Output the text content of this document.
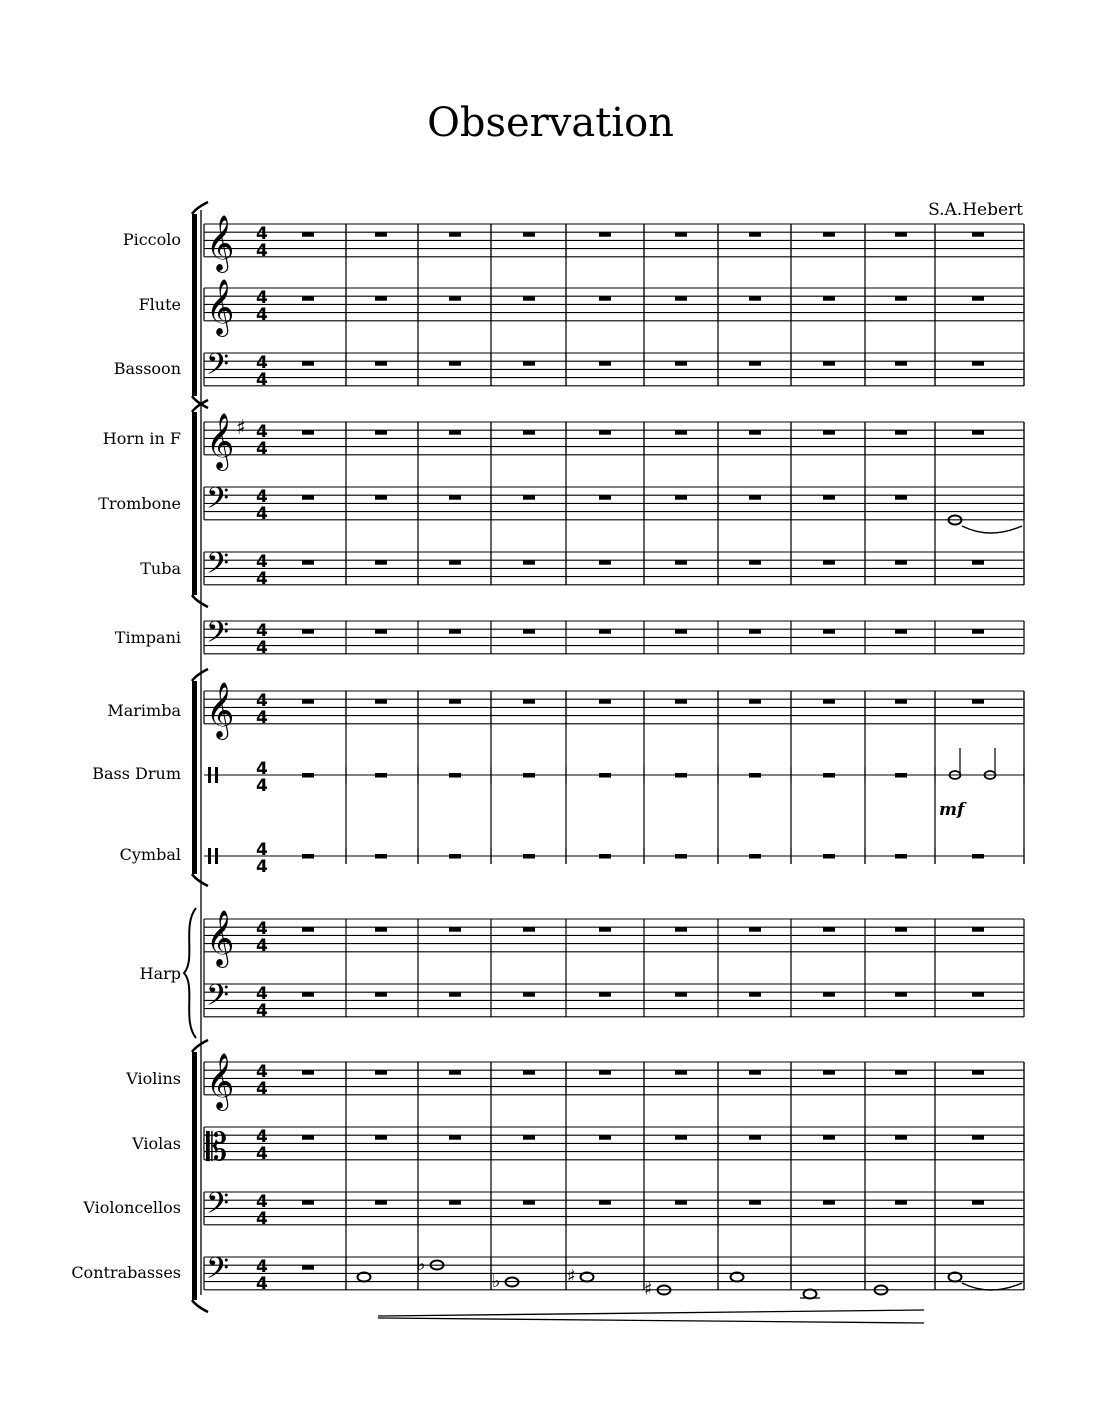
Observation
S.A.Hebert
Piccolo
Flute
Bassoon
Horn in F
Trombone
Tuba
Timpani
Marimba
Bass Drum
Cymbal
Harp
Violins
Violas
Violoncellos
Contrabasses
𝄞 4
4
𝄞 4
4
𝄢 4
4
𝄞 ♯ 4
4
𝄢 4
4
𝄢 4
4
𝄢 4
4
𝄞 4
4
𝄞 4
4
𝄡 4
4
𝄢 4
4
𝄢 4
4
4
4
4
4
𝄞 4
4
𝄢 4
4
mf
♭
♭	♯
♯
